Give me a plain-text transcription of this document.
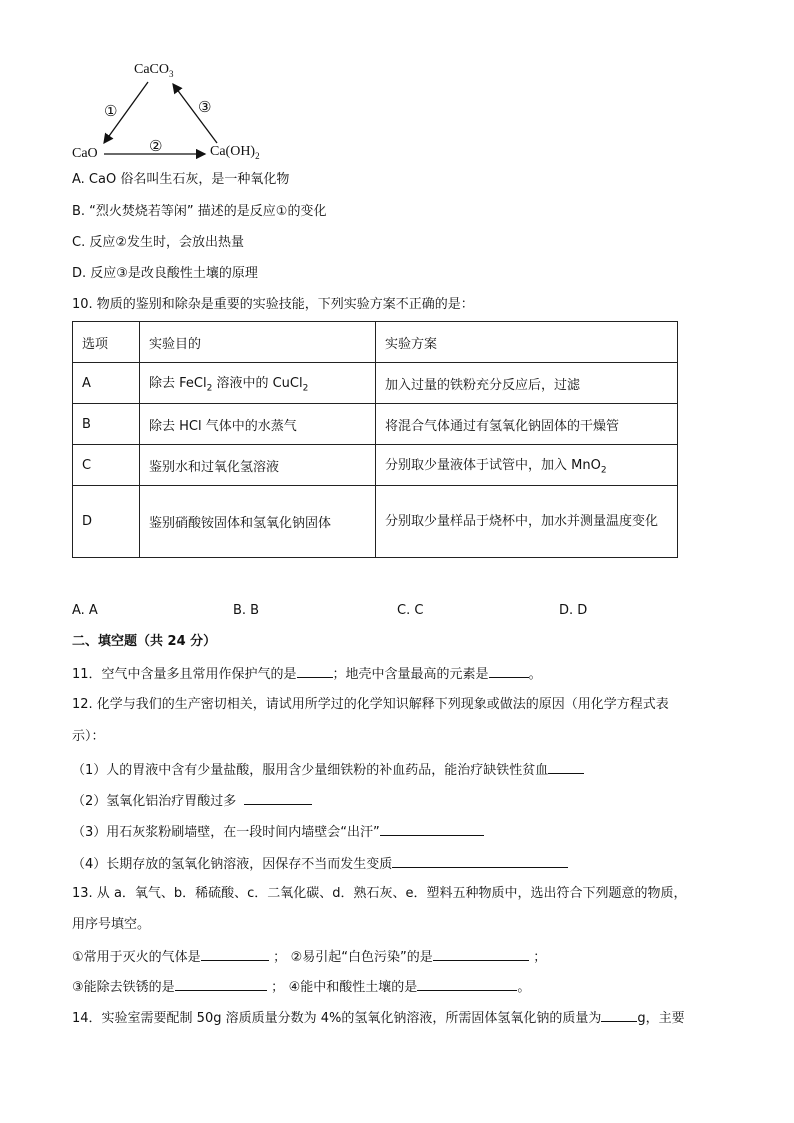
CaCO$_3$
CaO	$Ca(OH)_2$
①
②
③
A. CaO 俗名叫生石灰，是一种氧化物
B. “烈火焚烧若等闲” 描述的是反应①的变化
C. 反应②发生时，会放出热量
D. 反应③是改良酸性土壤的原理
10. 物质的鉴别和除杂是重要的实验技能，下列实验方案不正确的是：
选项	实验目的	实验方案
A	除去 FeCl$_2$ 溶液中的 CuCl$_2$	加入过量的铁粉充分反应后，过滤
B	除去 HCl 气体中的水蒸气	将混合气体通过有氢氧化钠固体的干燥管
C	鉴别水和过氧化氢溶液	分别取少量液体于试管中，加入 MnO$_2$
D	鉴别硝酸铵固体和氢氧化钠固体	分别取少量样品于烧杯中，加水并测量温度变化
A. A	B. B	C. C	D. D
二、填空题（共 24 分）
11．空气中含量多且常用作保护气的是	；地壳中含量最高的元素是	。
12. 化学与我们的生产密切相关，请试用所学过的化学知识解释下列现象或做法的原因（用化学方程式表
示）：
（1）人的胃液中含有少量盐酸，服用含少量细铁粉的补血药品，能治疗缺铁性贫血
（2）氢氧化铝治疗胃酸过多
（3）用石灰浆粉刷墙壁，在一段时间内墙壁会“出汗”
（4）长期存放的氢氧化钠溶液，因保存不当而发生变质
13. 从 a．氧气、b．稀硫酸、c．二氧化碳、d．熟石灰、e．塑料五种物质中，选出符合下列题意的物质，
用序号填空。
①常用于灭火的气体是	； ②易引起“白色污染”的是	；
③能除去铁锈的是	； ④能中和酸性土壤的是	。
14．实验室需要配制 50g 溶质质量分数为 4%的氢氧化钠溶液，所需固体氢氧化钠的质量为	g，主要
